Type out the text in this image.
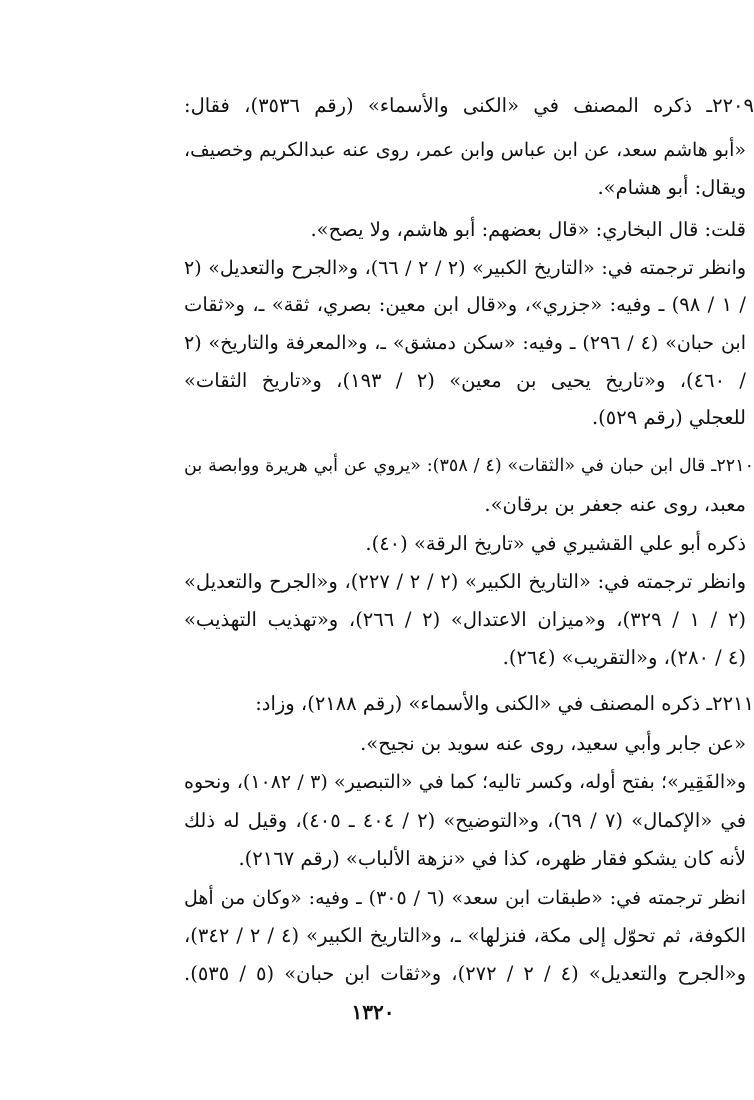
٢٢٠٩ـ ذكره المصنف في «الكنى والأسماء» (رقم ٣٥٣٦)، فقال:
«أبو هاشم سعد، عن ابن عباس وابن عمر، روى عنه عبدالكريم وخصيف،
ويقال: أبو هشام».
قلت: قال البخاري: «قال بعضهم: أبو هاشم، ولا يصح».
وانظر ترجمته في: «التاريخ الكبير» (٢ / ٢ / ٦٦)، و«الجرح والتعديل» (٢
/ ١ / ٩٨) ـ وفيه: «جزري»، و«قال ابن معين: بصري، ثقة» ـ، و«ثقات
ابن حبان» (٤ / ٢٩٦) ـ وفيه: «سكن دمشق» ـ، و«المعرفة والتاريخ» (٢
/ ٤٦٠)، و«تاريخ يحيى بن معين» (٢ / ١٩٣)، و«تاريخ الثقات»
للعجلي (رقم ٥٢٩).
٢٢١٠ـ قال ابن حبان في «الثقات» (٤ / ٣٥٨): «يروي عن أبي هريرة ووابصة بن
معبد، روى عنه جعفر بن برقان».
ذكره أبو علي القشيري في «تاريخ الرقة» (٤٠).
وانظر ترجمته في: «التاريخ الكبير» (٢ / ٢ / ٢٢٧)، و«الجرح والتعديل»
(٢ / ١ / ٣٢٩)، و«ميزان الاعتدال» (٢ / ٢٦٦)، و«تهذيب التهذيب»
(٤ / ٢٨٠)، و«التقريب» (٢٦٤).
٢٢١١ـ ذكره المصنف في «الكنى والأسماء» (رقم ٢١٨٨)، وزاد:
«عن جابر وأبي سعيد، روى عنه سويد بن نجيح».
و«الفَقِير»؛ بفتح أوله، وكسر تاليه؛ كما في «التبصير» (٣ / ١٠٨٢)، ونحوه
في «الإكمال» (٧ / ٦٩)، و«التوضيح» (٢ / ٤٠٤ ـ ٤٠٥)، وقيل له ذلك
لأنه كان يشكو فقار ظهره، كذا في «نزهة الألباب» (رقم ٢١٦٧).
انظر ترجمته في: «طبقات ابن سعد» (٦ / ٣٠٥) ـ وفيه: «وكان من أهل
الكوفة، ثم تحوّل إلى مكة، فنزلها» ـ، و«التاريخ الكبير» (٤ / ٢ / ٣٤٢)،
و«الجرح والتعديل» (٤ / ٢ / ٢٧٢)، و«ثقات ابن حبان» (٥ / ٥٣٥).
١٣٢٠
